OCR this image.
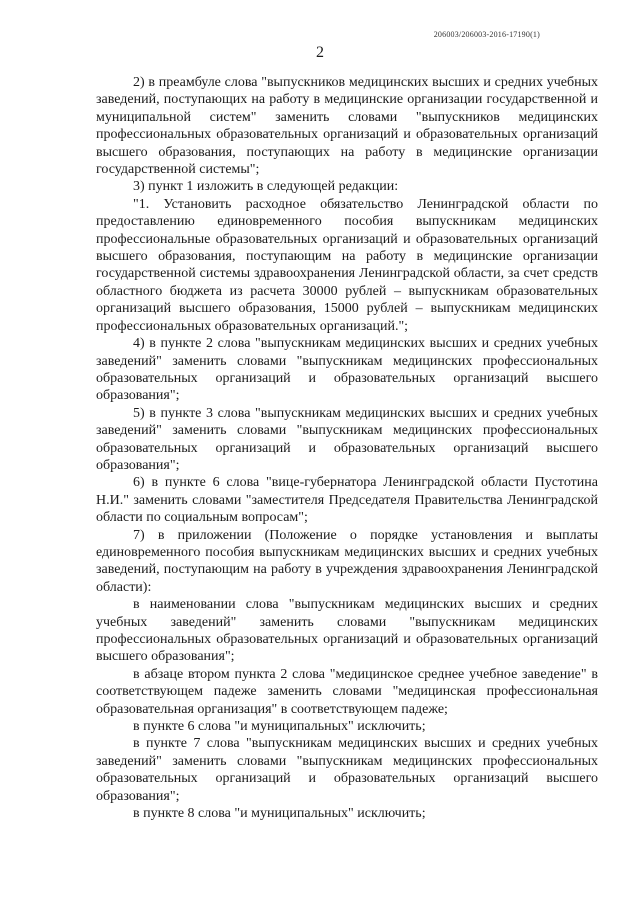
206003/206003-2016-17190(1)
2

2) в преамбуле слова "выпускников медицинских высших и средних учебных заведений, поступающих на работу в медицинские организации государственной и муниципальной систем" заменить словами "выпускников медицинских профессиональных образовательных организаций и образовательных организаций высшего образования, поступающих на работу в медицинские организации государственной системы";

3) пункт 1 изложить в следующей редакции:

"1. Установить расходное обязательство Ленинградской области по предоставлению единовременного пособия выпускникам медицинских профессиональные образовательных организаций и образовательных организаций высшего образования, поступающим на работу в медицинские организации государственной системы здравоохранения Ленинградской области, за счет средств областного бюджета из расчета 30000 рублей – выпускникам образовательных организаций высшего образования, 15000 рублей – выпускникам медицинских профессиональных образовательных организаций.";

4) в пункте 2 слова "выпускникам медицинских высших и средних учебных заведений" заменить словами "выпускникам медицинских профессиональных образовательных организаций и образовательных организаций высшего образования";

5) в пункте 3 слова "выпускникам медицинских высших и средних учебных заведений" заменить словами "выпускникам медицинских профессиональных образовательных организаций и образовательных организаций высшего образования";

6) в пункте 6 слова "вице-губернатора Ленинградской области Пустотина Н.И." заменить словами "заместителя Председателя Правительства Ленинградской области по социальным вопросам";

7) в приложении (Положение о порядке установления и выплаты единовременного пособия выпускникам медицинских высших и средних учебных заведений, поступающим на работу в учреждения здравоохранения Ленинградской области):

в наименовании слова "выпускникам медицинских высших и средних учебных заведений" заменить словами "выпускникам медицинских профессиональных образовательных организаций и образовательных организаций высшего образования";

в абзаце втором пункта 2 слова "медицинское среднее учебное заведение" в соответствующем падеже заменить словами "медицинская профессиональная образовательная организация" в соответствующем падеже;

в пункте 6 слова "и муниципальных" исключить;

в пункте 7 слова "выпускникам медицинских высших и средних учебных заведений" заменить словами "выпускникам медицинских профессиональных образовательных организаций и образовательных организаций высшего образования";

в пункте 8 слова "и муниципальных" исключить;
